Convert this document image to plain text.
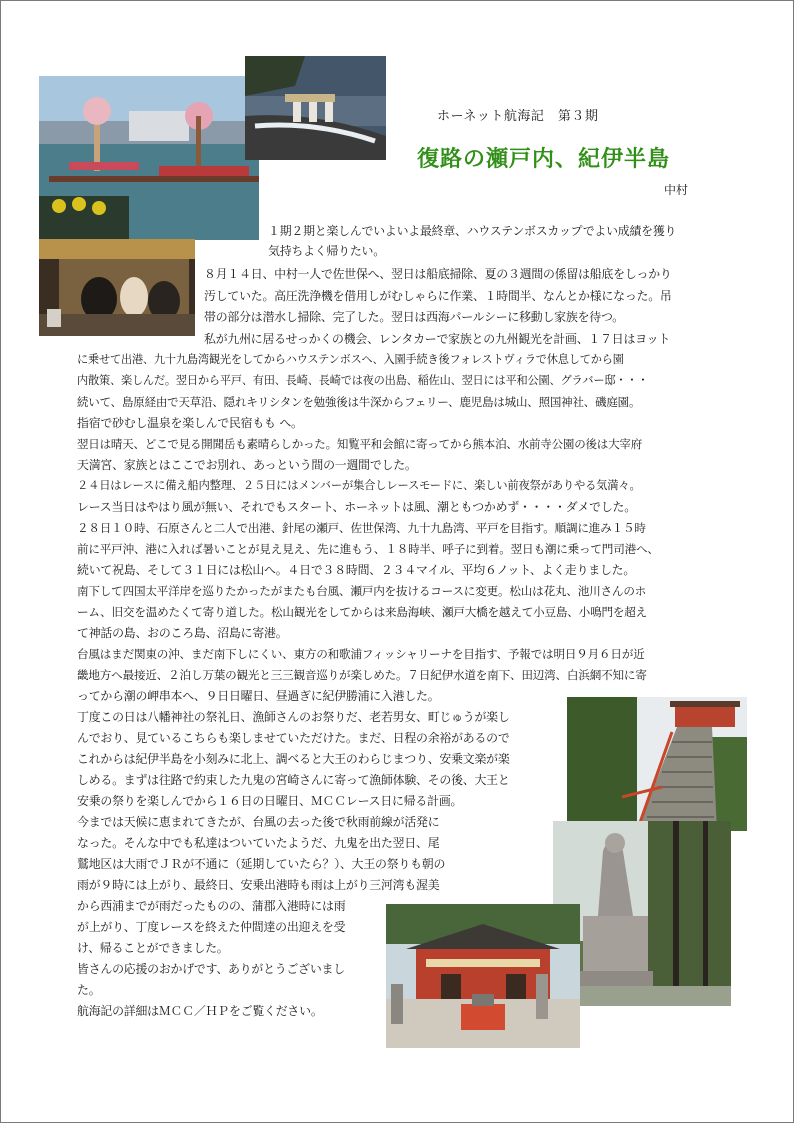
ホーネット航海記　第３期
復路の瀬戸内、紀伊半島
中村
１期２期と楽しんでいよいよ最終章、ハウステンボスカップでよい成績を獲り
気持ちよく帰りたい。
８月１４日、中村一人で佐世保へ、翌日は船底掃除、夏の３週間の係留は船底をしっかり
汚していた。高圧洗浄機を借用しがむしゃらに作業、１時間半、なんとか様になった。吊
帯の部分は潜水し掃除、完了した。翌日は西海パールシーに移動し家族を待つ。
私が九州に居るせっかくの機会、レンタカーで家族との九州観光を計画、１７日はヨット
に乗せて出港、九十九島湾観光をしてからハウステンボスへ、入園手続き後フォレストヴィラで休息してから園
内散策、楽しんだ。翌日から平戸、有田、長崎、長崎では夜の出島、稲佐山、翌日には平和公園、グラバー邸・・・
続いて、島原経由で天草沿、隠れキリシタンを勉強後は牛深からフェリー、鹿児島は城山、照国神社、磯庭園。
指宿で砂むし温泉を楽しんで民宿もも へ。
翌日は晴天、どこで見る開聞岳も素晴らしかった。知覧平和会館に寄ってから熊本泊、水前寺公園の後は大宰府
天満宮、家族とはここでお別れ、あっという間の一週間でした。
２４日はレースに備え船内整理、２５日にはメンバーが集合しレースモードに、楽しい前夜祭がありやる気満々。
レース当日はやはり風が無い、それでもスタート、ホーネットは風、潮ともつかめず・・・・ダメでした。
２８日１０時、石原さんと二人で出港、針尾の瀬戸、佐世保湾、九十九島湾、平戸を目指す。順調に進み１５時
前に平戸沖、港に入れば暑いことが見え見え、先に進もう、１８時半、呼子に到着。翌日も潮に乗って門司港へ、
続いて祝島、そして３１日には松山へ。４日で３８時間、２３４マイル、平均６ノット、よく走りました。
南下して四国太平洋岸を巡りたかったがまたも台風、瀬戸内を抜けるコースに変更。松山は花丸、池川さんのホ
ーム、旧交を温めたくて寄り道した。松山観光をしてからは来島海峡、瀬戸大橋を越えて小豆島、小鳴門を超え
て神話の島、おのころ島、沼島に寄港。
台風はまだ関東の沖、まだ南下しにくい、東方の和歌浦フィッシャリーナを目指す、予報では明日９月６日が近
畿地方へ最接近、２泊し万葉の観光と三三観音巡りが楽しめた。７日紀伊水道を南下、田辺湾、白浜網不知に寄
ってから潮の岬串本へ、９日日曜日、昼過ぎに紀伊勝浦に入港した。
丁度この日は八幡神社の祭礼日、漁師さんのお祭りだ、老若男女、町じゅうが楽し
んでおり、見ているこちらも楽しませていただけた。まだ、日程の余裕があるので
これからは紀伊半島を小刻みに北上、調べると大王のわらじまつり、安乗文楽が楽
しめる。まずは往路で約束した九鬼の宮崎さんに寄って漁師体験、その後、大王と
安乗の祭りを楽しんでから１６日の日曜日、ＭＣＣレース日に帰る計画。
今までは天候に恵まれてきたが、台風の去った後で秋雨前線が活発に
なった。そんな中でも私達はついていたようだ、九鬼を出た翌日、尾
鷲地区は大雨でＪＲが不通に（延期していたら？）、大王の祭りも朝の
雨が９時には上がり、最終日、安乗出港時も雨は上がり三河湾も渥美
から西浦までが雨だったものの、蒲郡入港時には雨
が上がり、丁度レースを終えた仲間達の出迎えを受
け、帰ることができました。
皆さんの応援のおかげです、ありがとうございまし
た。
航海記の詳細はＭＣＣ／ＨＰをご覧ください。
